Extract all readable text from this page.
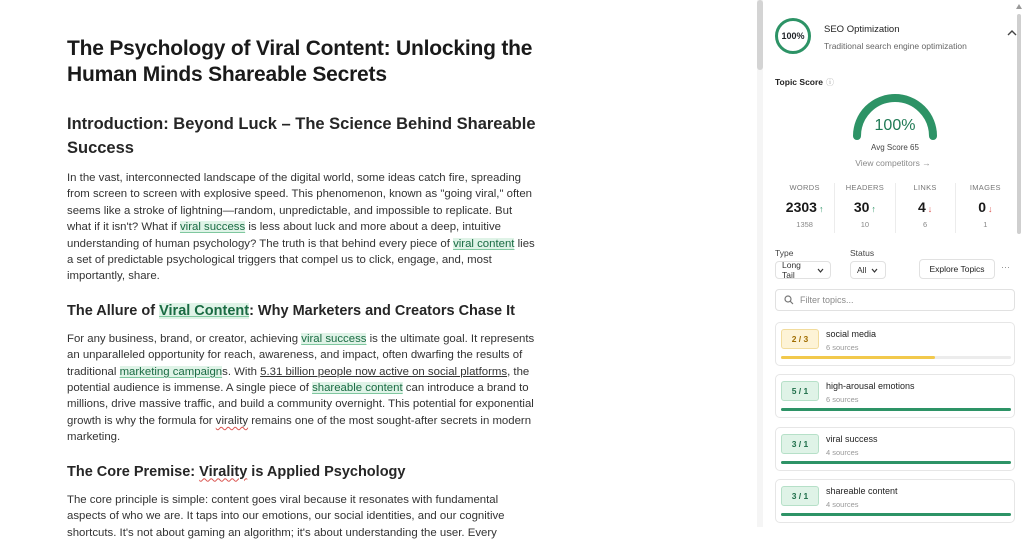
The Psychology of Viral Content: Unlocking the Human Minds Shareable Secrets
Introduction: Beyond Luck – The Science Behind Shareable Success

In the vast, interconnected landscape of the digital world, some ideas catch fire, spreading from screen to screen with explosive speed. This phenomenon, known as "going viral," often seems like a stroke of lightning—random, unpredictable, and impossible to replicate. But what if it isn't? What if viral success is less about luck and more about a deep, intuitive understanding of human psychology? The truth is that behind every piece of viral content lies a set of predictable psychological triggers that compel us to click, engage, and, most importantly, share.

The Allure of Viral Content: Why Marketers and Creators Chase It

For any business, brand, or creator, achieving viral success is the ultimate goal. It represents an unparalleled opportunity for reach, awareness, and impact, often dwarfing the results of traditional marketing campaigns. With 5.31 billion people now active on social platforms, the potential audience is immense. A single piece of shareable content can introduce a brand to millions, drive massive traffic, and build a community overnight. This potential for exponential growth is why the formula for virality remains one of the most sought-after secrets in modern marketing.

The Core Premise: Virality is Applied Psychology

The core principle is simple: content goes viral because it resonates with fundamental aspects of who we are. It taps into our emotions, our social identities, and our cognitive shortcuts. It's not about gaming an algorithm; it's about understanding the user. Every

100%
SEO Optimization
Traditional search engine optimization
Topic Score ⓘ
100%
Avg Score 65
View competitors →
WORDS
2303 ↑
1358
HEADERS
30 ↑
10
LINKS
4 ↓
6
IMAGES
0 ↓
1
Type
Long Tail
Status
All	Explore Topics	···
Filter topics...
2 / 3	social media
6 sources
5 / 1	high-arousal emotions
6 sources
3 / 1	viral success
4 sources
3 / 1	shareable content
4 sources
